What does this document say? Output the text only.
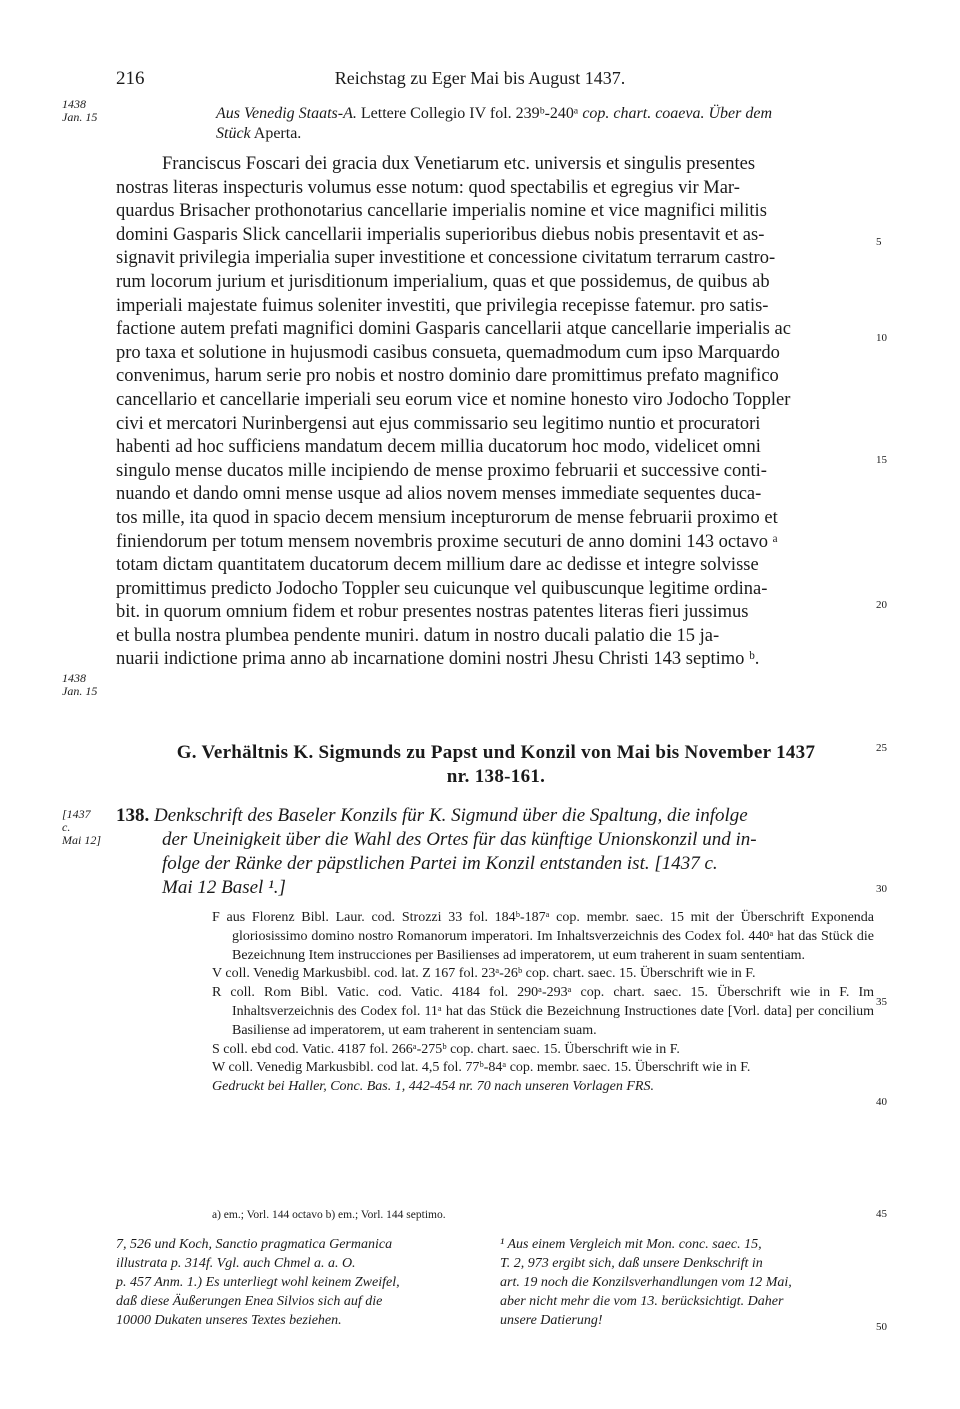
216	Reichstag zu Eger Mai bis August 1437.
1438
Jan. 15	Aus Venedig Staats-A. Lettere Collegio IV fol. 239ᵇ-240ᵃ cop. chart. coaeva. Über dem
Stück Aperta.

Franciscus Foscari dei gracia dux Venetiarum etc. universis et singulis presentes

nostras literas inspecturis volumus esse notum: quod spectabilis et egregius vir Mar-

quardus Brisacher prothonotarius cancellarie imperialis nomine et vice magnifici militis

domini Gasparis Slick cancellarii imperialis superioribus diebus nobis presentavit et as-

signavit privilegia imperialia super investitione et concessione civitatum terrarum castro-

rum locorum jurium et jurisditionum imperialium, quas et que possidemus, de quibus ab

imperiali majestate fuimus soleniter investiti, que privilegia recepisse fatemur. pro satis-

factione autem prefati magnifici domini Gasparis cancellarii atque cancellarie imperialis ac

pro taxa et solutione in hujusmodi casibus consueta, quemadmodum cum ipso Marquardo

convenimus, harum serie pro nobis et nostro dominio dare promittimus prefato magnifico

cancellario et cancellarie imperiali seu eorum vice et nomine honesto viro Jodocho Toppler

civi et mercatori Nurinbergensi aut ejus commissario seu legitimo nuntio et procuratori

habenti ad hoc sufficiens mandatum decem millia ducatorum hoc modo, videlicet omni

singulo mense ducatos mille incipiendo de mense proximo februarii et successive conti-

nuando et dando omni mense usque ad alios novem menses immediate sequentes duca-

tos mille, ita quod in spacio decem mensium incepturorum de mense februarii proximo et

finiendorum per totum mensem novembris proxime secuturi de anno domini 143 octavo ᵃ

totam dictam quantitatem ducatorum decem millium dare ac dedisse et integre solvisse

promittimus predicto Jodocho Toppler seu cuicunque vel quibuscunque legitime ordina-

bit. in quorum omnium fidem et robur presentes nostras patentes literas fieri jussimus

et bulla nostra plumbea pendente muniri. datum in nostro ducali palatio die 15 ja-

nuarii indictione prima anno ab incarnatione domini nostri Jhesu Christi 143 septimo ᵇ.

1438
Jan. 15
5
10
15
20
25
30
35
40
45
50
G. Verhältnis K. Sigmunds zu Papst und Konzil von Mai bis November 1437
nr. 138-161.
[1437
c.
Mai 12]
138. Denkschrift des Baseler Konzils für K. Sigmund über die Spaltung, die infolge
der Uneinigkeit über die Wahl des Ortes für das künftige Unionskonzil und in-
folge der Ränke der päpstlichen Partei im Konzil entstanden ist. [1437 c.
Mai 12 Basel ¹.]

F aus Florenz Bibl. Laur. cod. Strozzi 33 fol. 184ᵇ-187ᵃ cop. membr. saec. 15 mit der Überschrift Exponenda gloriosissimo domino nostro Romanorum imperatori. Im Inhaltsverzeichnis des Codex fol. 440ᵃ hat das Stück die Bezeichnung Item instrucciones per Basilienses ad imperatorem, ut eum traherent in suam sententiam.

V coll. Venedig Markusbibl. cod. lat. Z 167 fol. 23ᵃ-26ᵇ cop. chart. saec. 15. Überschrift wie in F.

R coll. Rom Bibl. Vatic. cod. Vatic. 4184 fol. 290ᵃ-293ᵃ cop. chart. saec. 15. Überschrift wie in F. Im Inhaltsverzeichnis des Codex fol. 11ᵃ hat das Stück die Bezeichnung Instructiones date [Vorl. data] per concilium Basiliense ad imperatorem, ut eam traherent in sentenciam suam.

S coll. ebd cod. Vatic. 4187 fol. 266ᵃ-275ᵇ cop. chart. saec. 15. Überschrift wie in F.

W coll. Venedig Markusbibl. cod lat. 4,5 fol. 77ᵇ-84ᵃ cop. membr. saec. 15. Überschrift wie in F.

Gedruckt bei Haller, Conc. Bas. 1, 442-454 nr. 70 nach unseren Vorlagen FRS.

a) em.; Vorl. 144 octavo b) em.; Vorl. 144 septimo.
7, 526 und Koch, Sanctio pragmatica Germanica
illustrata p. 314f. Vgl. auch Chmel a. a. O.
p. 457 Anm. 1.) Es unterliegt wohl keinem Zweifel,
daß diese Äußerungen Enea Silvios sich auf die
10000 Dukaten unseres Textes beziehen.
¹ Aus einem Vergleich mit Mon. conc. saec. 15,
T. 2, 973 ergibt sich, daß unsere Denkschrift in
art. 19 noch die Konzilsverhandlungen vom 12 Mai,
aber nicht mehr die vom 13. berücksichtigt. Daher
unsere Datierung!
